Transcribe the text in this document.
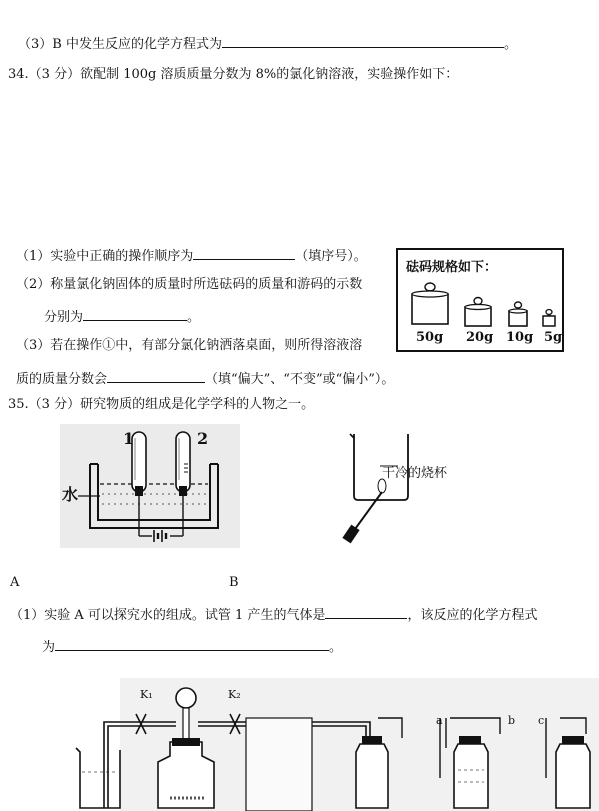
（3）B 中发生反应的化学方程式为	。
34.（3 分）欲配制 100g 溶质质量分数为 8%的氯化钠溶液，实验操作如下：
（1）实验中正确的操作顺序为	（填序号）。
（2）称量氯化钠固体的质量时所选砝码的质量和游码的示数
分别为	。
（3）若在操作①中，有部分氯化钠洒落桌面，则所得溶液溶
质的质量分数会	（填“偏大”、“不变”或“偏小”）。
砝码规格如下：
50g 20g 10g 5g
35.（3 分）研究物质的组成是化学学科的人物之一。
1	2
水
干冷的烧杯
A	B
（1）实验 A 可以探究水的组成。试管 1 产生的气体是	，该反应的化学方程式
为	。
K₁	K₂
a	b c
